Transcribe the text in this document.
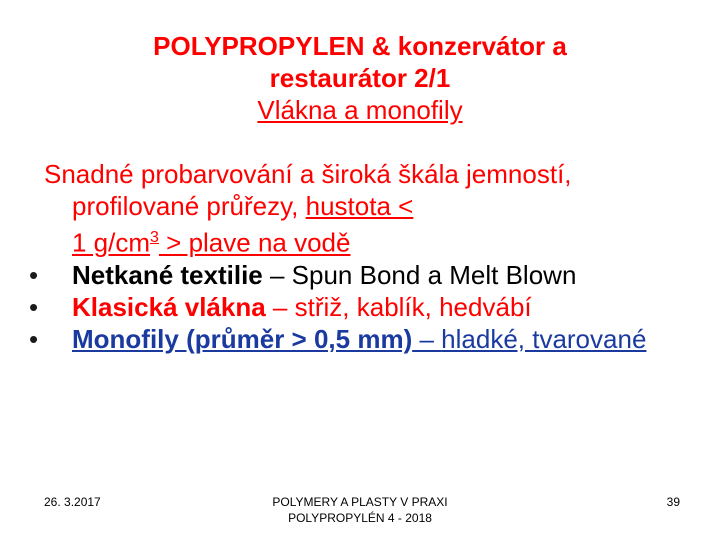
POLYPROPYLEN & konzervátor a
restaurátor 2/1
Vlákna a monofily
Snadné probarvování a široká škála jemností, profilované průřezy, hustota <
1 $g/cm^3$ > plave na vodě
•	Netkané textilie – Spun Bond a Melt Blown
•	Klasická vlákna – střiž, kablík, hedvábí
•	Monofily (průměr > 0,5 mm) – hladké, tvarované
26. 3.2017	POLYMERY A PLASTY V PRAXI
POLYPROPYLÉN 4 - 2018
39
